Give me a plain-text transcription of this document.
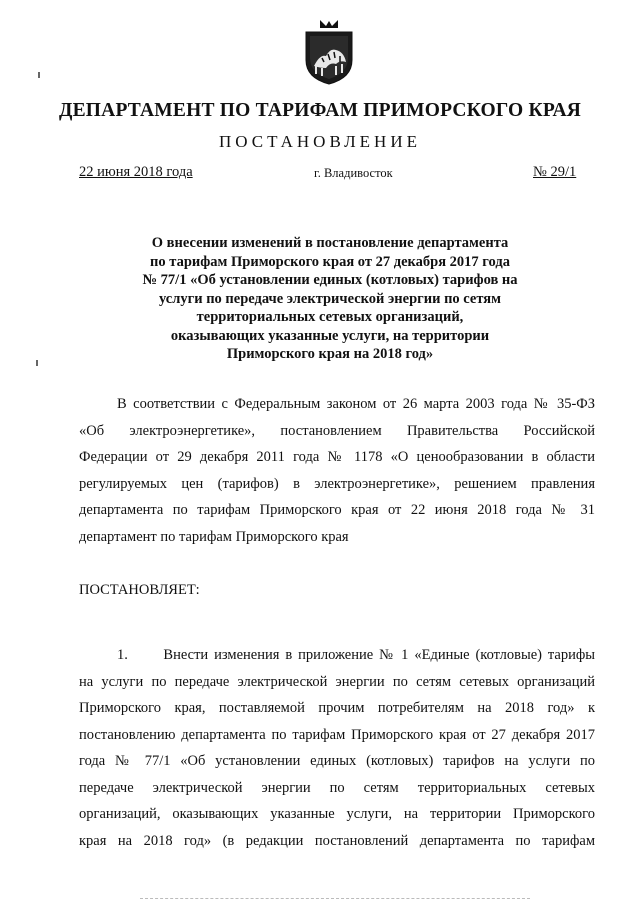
ДЕПАРТАМЕНТ ПО ТАРИФАМ ПРИМОРСКОГО КРАЯ
ПОСТАНОВЛЕНИЕ
22 июня 2018 года	г. Владивосток	№ 29/1
О внесении изменений в постановление департамента
по тарифам Приморского края от 27 декабря 2017 года
№ 77/1 «Об установлении единых (котловых) тарифов на
услуги по передаче электрической энергии по сетям
территориальных сетевых организаций,
оказывающих указанные услуги, на территории
Приморского края на 2018 год»
В соответствии с Федеральным законом от 26 марта 2003 года № 35-ФЗ
«Об электроэнергетике», постановлением Правительства Российской
Федерации от 29 декабря 2011 года № 1178 «О ценообразовании в области
регулируемых цен (тарифов) в электроэнергетике», решением правления
департамента по тарифам Приморского края от 22 июня 2018 года № 31
департамент по тарифам Приморского края
ПОСТАНОВЛЯЕТ:
1.      Внести изменения в приложение № 1 «Единые (котловые) тарифы
на услуги по передаче электрической энергии по сетям сетевых организаций
Приморского края, поставляемой прочим потребителям на 2018 год» к
постановлению департамента по тарифам Приморского края от 27 декабря 2017
года № 77/1 «Об установлении единых (котловых) тарифов на услуги по
передаче электрической энергии по сетям территориальных сетевых
организаций, оказывающих указанные услуги, на территории Приморского
края на 2018 год» (в редакции постановлений департамента по тарифам
